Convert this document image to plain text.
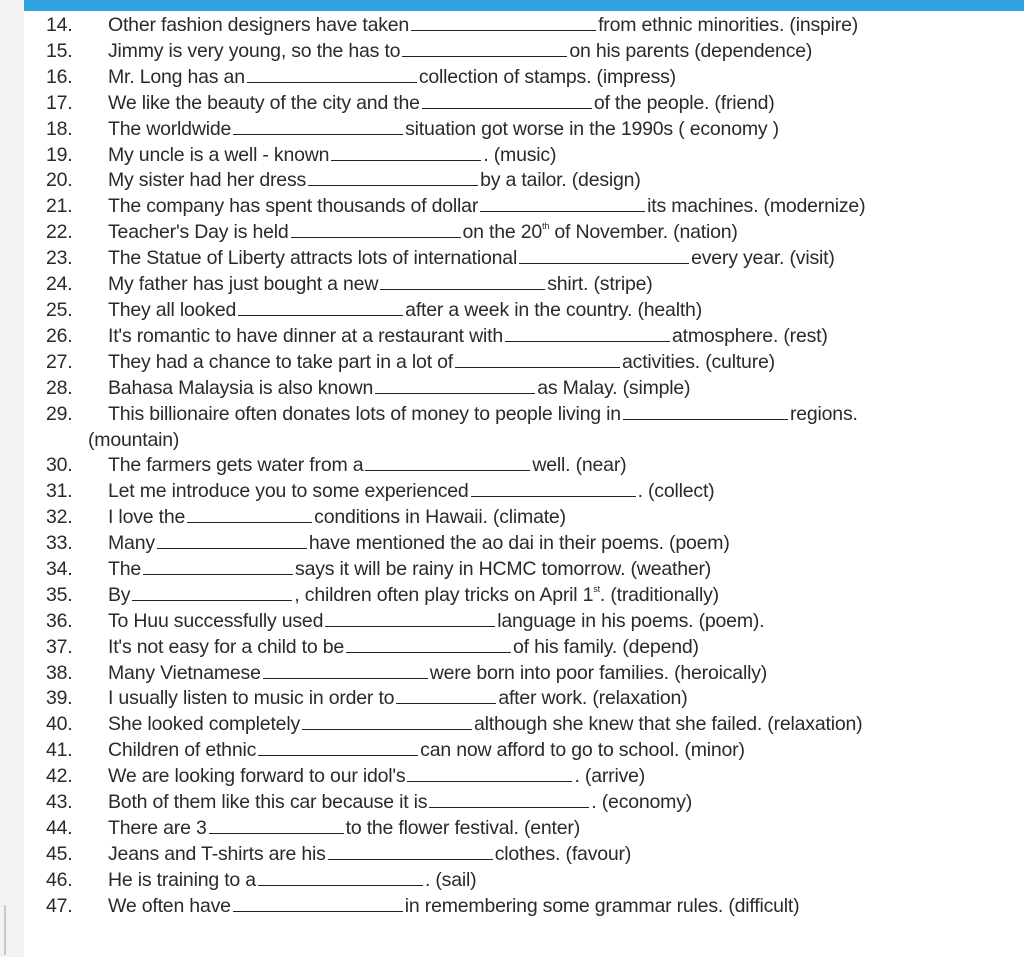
14. Other fashion designers have taken	from ethnic minorities. (inspire)
15. Jimmy is very young, so the has to	on his parents (dependence)
16. Mr. Long has an	collection of stamps. (impress)
17. We like the beauty of the city and the	of the people. (friend)
18. The worldwide	situation got worse in the 1990s ( economy )
19. My uncle is a well - known	. (music)
20. My sister had her dress	by a tailor. (design)
21. The company has spent thousands of dollar	its machines. (modernize)
22. Teacher's Day is held	on the 20th of November. (nation)
23. The Statue of Liberty attracts lots of international	every year. (visit)
24. My father has just bought a new	shirt. (stripe)
25. They all looked	after a week in the country. (health)
26. It's romantic to have dinner at a restaurant with	atmosphere. (rest)
27. They had a chance to take part in a lot of	activities. (culture)
28. Bahasa Malaysia is also known	as Malay. (simple)
29. This billionaire often donates lots of money to people living in	regions.
(mountain)
30. The farmers gets water from a	well. (near)
31. Let me introduce you to some experienced	. (collect)
32. I love the	conditions in Hawaii. (climate)
33. Many	have mentioned the ao dai in their poems. (poem)
34. The	says it will be rainy in HCMC tomorrow. (weather)
35. By	, children often play tricks on April 1st. (traditionally)
36. To Huu successfully used	language in his poems. (poem).
37. It's not easy for a child to be	of his family. (depend)
38. Many Vietnamese	were born into poor families. (heroically)
39. I usually listen to music in order to	after work. (relaxation)
40. She looked completely	although she knew that she failed. (relaxation)
41. Children of ethnic	can now afford to go to school. (minor)
42. We are looking forward to our idol's	. (arrive)
43. Both of them like this car because it is	. (economy)
44. There are 3	to the flower festival. (enter)
45. Jeans and T-shirts are his	clothes. (favour)
46. He is training to a	. (sail)
47. We often have	in remembering some grammar rules. (difficult)
